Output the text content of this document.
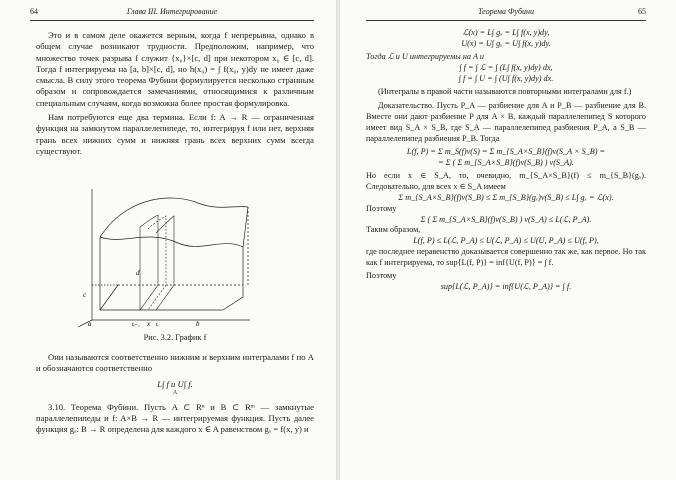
64	Глава III. Интегрирование

Это и в самом деле окажется верным, когда f непрерывна, однако в общем случае возникают трудности. Предположим, например, что множество точек разрыва f служит {x₀}×[c, d] при некотором x₀ ∈ [c, d]. Тогда f интегрируема на [a, b]×[c, d], но h(x₀) = ∫ f(x₀, y)dy не имеет даже смысла. В силу этого теорема Фубини формулируется несколько странным образом и сопровождается замечаниями, относящимися к различным специальным случаям, когда возможна более простая формулировка.

Нам потребуются еще два термина. Если f: A → R — ограниченная функция на замкнутом параллелепипеде, то, интегрируя f или нет, верхняя грань всех нижних сумм и нижняя грань всех верхних сумм всегда существуют.

c
d
a	b
tᵢ₋₁ x tᵢ
Рис. 3.2. График f

Они называются соответственно нижним и верхним интегралами f по A и обозначаются соответственно

L∫ f и U∫ f.

A

3.10. Теорема Фубини. Пусть A ⊂ Rⁿ и B ⊂ Rᵐ — замкнутые параллелепипеды и f: A×B → R — интегрируемая функция. Пусть далее функция gₓ: B → R определена для каждого x ∈ A равенством gₓ = f(x, y) и

Теорема Фубини	65

ℒ(x) = L∫ gₓ = L∫ f(x, y)dy,

U(x) = U∫ gₓ = U∫ f(x, y)dy.

Тогда ℒ и U интегрируемы на A и

∫ f = ∫ ℒ = ∫ (L∫ f(x, y)dy) dx,

∫ f = ∫ U = ∫ (U∫ f(x, y)dy) dx.

(Интегралы в правой части называются повторными интегралами для f.)

Доказательство. Пусть P_A — разбиение для A и P_B — разбиение для B. Вместе они дают разбиение P для A × B, каждый параллелепипед S которого имеет вид S_A × S_B, где S_A — параллелепипед разбиения P_A, а S_B — параллелепипед разбиения P_B. Тогда

L(f, P) = Σ m_S(f)v(S) = Σ m_{S_A×S_B}(f)v(S_A × S_B) =

= Σ ( Σ m_{S_A×S_B}(f)v(S_B) ) v(S_A).

Но если x ∈ S_A, то, очевидно, m_{S_A×S_B}(f) ≤ m_{S_B}(gₓ). Следовательно, для всех x ∈ S_A имеем

Σ m_{S_A×S_B}(f)v(S_B) ≤ Σ m_{S_B}(gₓ)v(S_B) ≤ L∫ gₓ = ℒ(x).

Поэтому

Σ ( Σ m_{S_A×S_B}(f)v(S_B) ) v(S_A) ≤ L(ℒ, P_A).

Таким образом,

L(f, P) ≤ L(ℒ, P_A) ≤ U(ℒ, P_A) ≤ U(U, P_A) ≤ U(f, P),

где последнее неравенство доказывается совершенно так же, как первое. Но так как f интегрируема, то sup{L(f, P)} = inf{U(f, P)} = ∫ f.

Поэтому

sup{L(ℒ, P_A)} = inf{U(ℒ, P_A)} = ∫ f.
